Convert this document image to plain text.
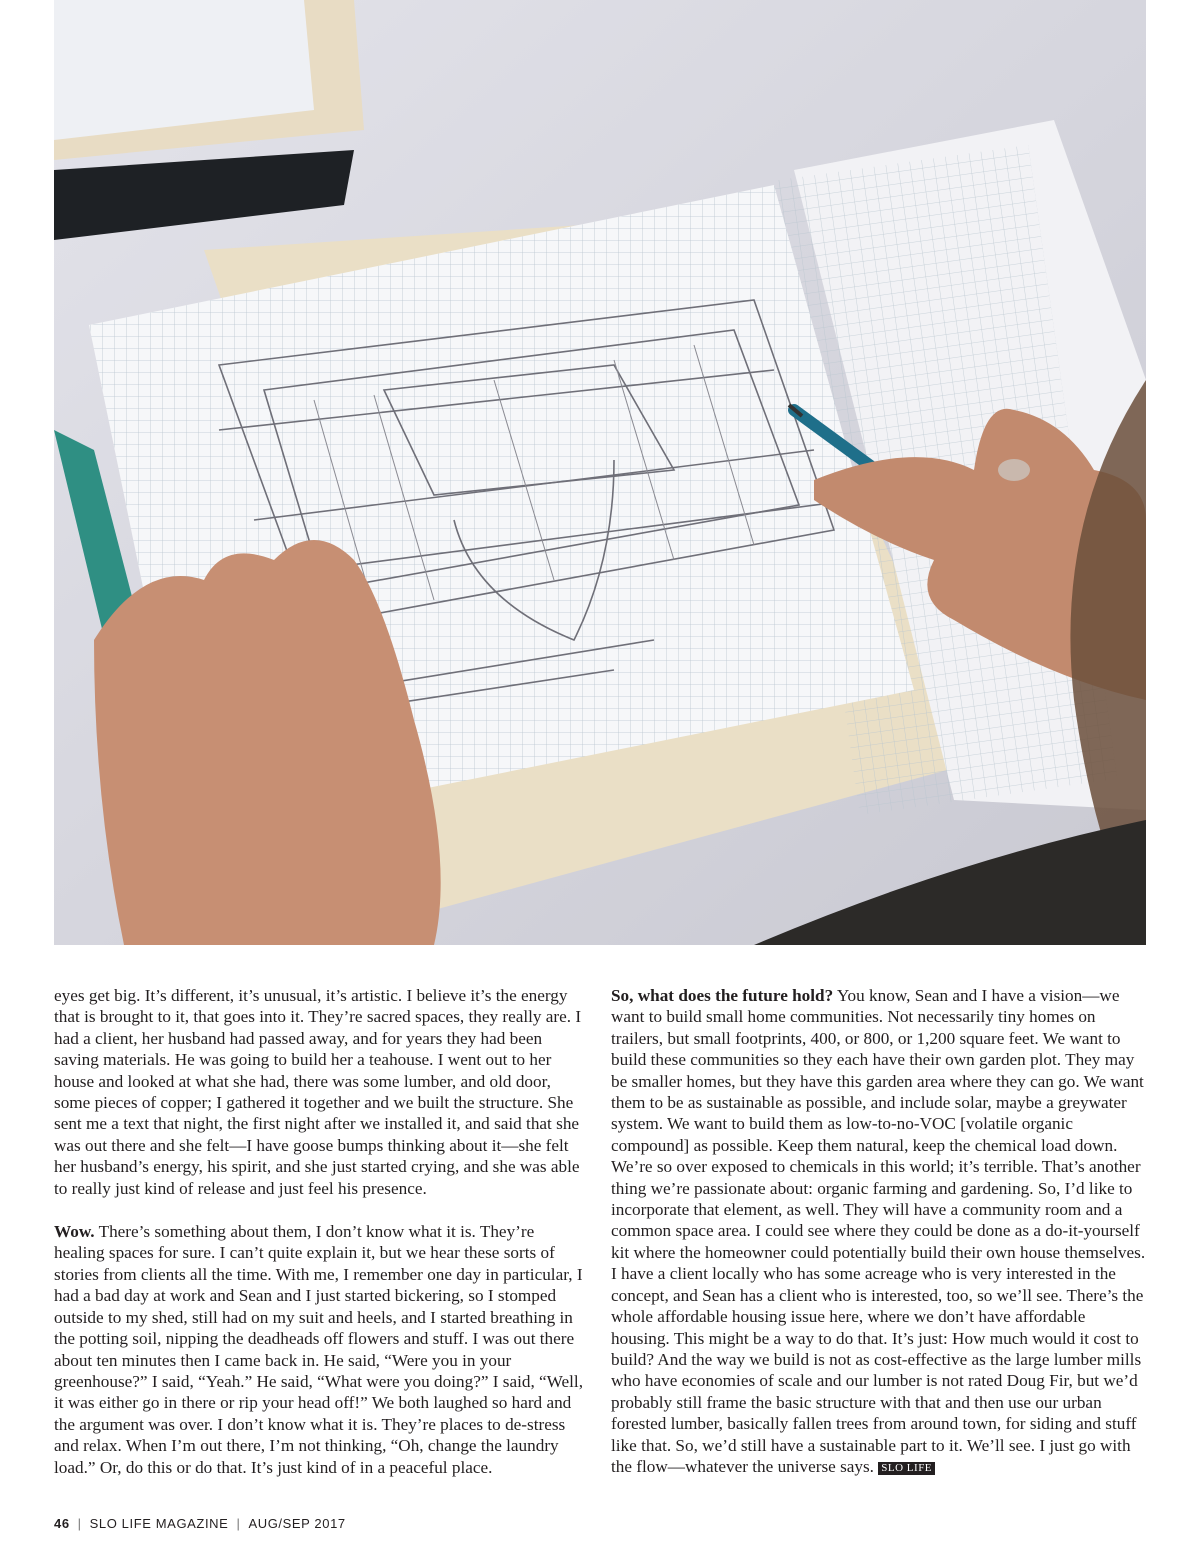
eyes get big. It’s different, it’s unusual, it’s artistic. I believe it’s the energy that is brought to it, that goes into it. They’re sacred spaces, they really are. I had a client, her husband had passed away, and for years they had been saving materials. He was going to build her a teahouse. I went out to her house and looked at what she had, there was some lumber, and old door, some pieces of copper; I gathered it together and we built the structure. She sent me a text that night, the first night after we installed it, and said that she was out there and she felt—I have goose bumps thinking about it—she felt her husband’s energy, his spirit, and she just started crying, and she was able to really just kind of release and just feel his presence.

Wow. There’s something about them, I don’t know what it is. They’re healing spaces for sure. I can’t quite explain it, but we hear these sorts of stories from clients all the time. With me, I remember one day in particular, I had a bad day at work and Sean and I just started bickering, so I stomped outside to my shed, still had on my suit and heels, and I started breathing in the potting soil, nipping the deadheads off flowers and stuff. I was out there about ten minutes then I came back in. He said, “Were you in your greenhouse?” I said, “Yeah.” He said, “What were you doing?” I said, “Well, it was either go in there or rip your head off!” We both laughed so hard and the argument was over. I don’t know what it is. They’re places to de-stress and relax. When I’m out there, I’m not thinking, “Oh, change the laundry load.” Or, do this or do that. It’s just kind of in a peaceful place.

So, what does the future hold? You know, Sean and I have a vision—we want to build small home communities. Not necessarily tiny homes on trailers, but small footprints, 400, or 800, or 1,200 square feet. We want to build these communities so they each have their own garden plot. They may be smaller homes, but they have this garden area where they can go. We want them to be as sustainable as possible, and include solar, maybe a greywater system. We want to build them as low-to-no-VOC [volatile organic compound] as possible. Keep them natural, keep the chemical load down. We’re so over exposed to chemicals in this world; it’s terrible. That’s another thing we’re passionate about: organic farming and gardening. So, I’d like to incorporate that element, as well. They will have a community room and a common space area. I could see where they could be done as a do-it-yourself kit where the homeowner could potentially build their own house themselves. I have a client locally who has some acreage who is very interested in the concept, and Sean has a client who is interested, too, so we’ll see. There’s the whole affordable housing issue here, where we don’t have affordable housing. This might be a way to do that. It’s just: How much would it cost to build? And the way we build is not as cost-effective as the large lumber mills who have economies of scale and our lumber is not rated Doug Fir, but we’d probably still frame the basic structure with that and then use our urban forested lumber, basically fallen trees from around town, for siding and stuff like that. So, we’d still have a sustainable part to it. We’ll see. I just go with the flow—whatever the universe says. SLO LIFE

46 | SLO LIFE MAGAZINE | AUG/SEP 2017
